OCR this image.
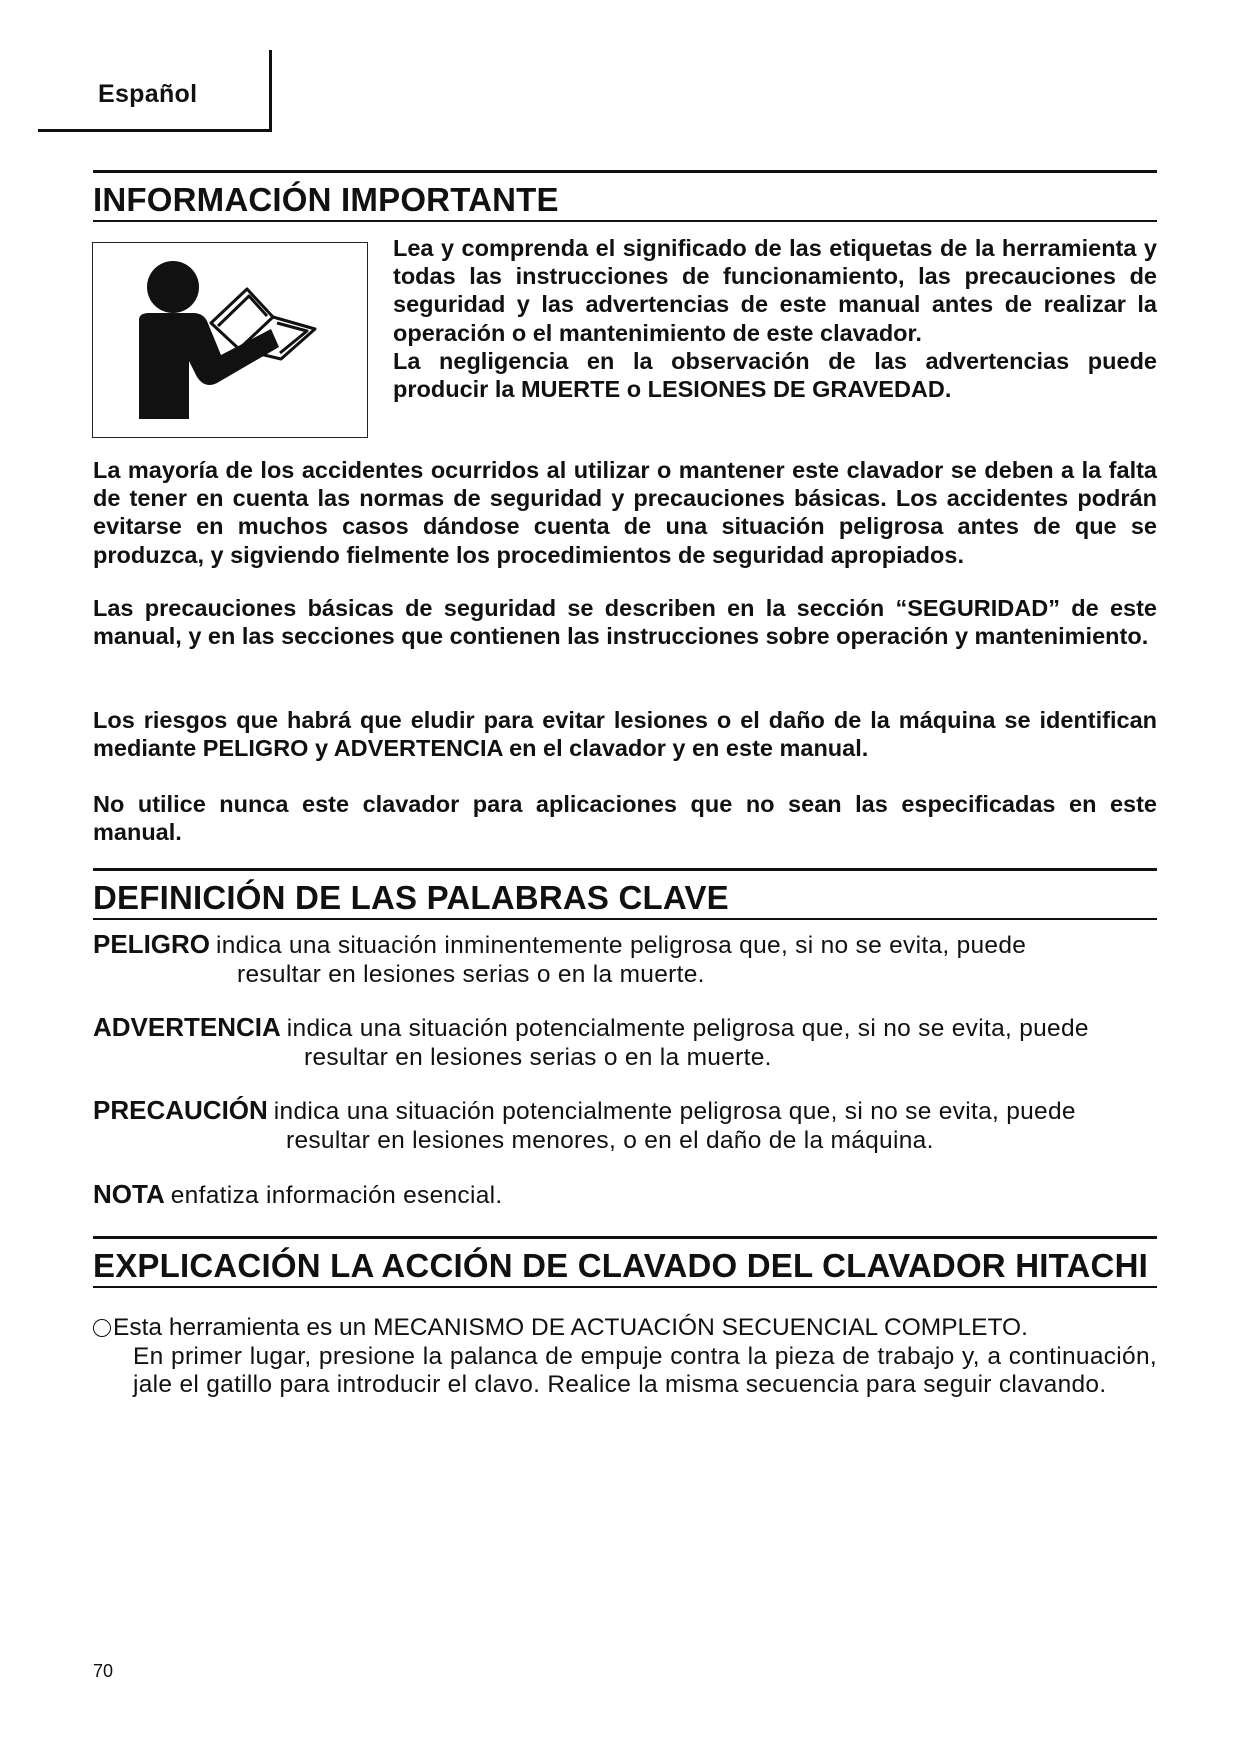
Español
INFORMACIÓN IMPORTANTE

Lea y comprenda el significado de las etiquetas de la herramienta y todas las instrucciones de funcionamiento, las precauciones de seguridad y las advertencias de este manual antes de realizar la operación o el mantenimiento de este clavador.

La negligencia en la observación de las advertencias puede producir la MUERTE o LESIONES DE GRAVEDAD.

La mayoría de los accidentes ocurridos al utilizar o mantener este clavador se deben a la falta de tener en cuenta las normas de seguridad y precauciones básicas. Los accidentes podrán evitarse en muchos casos dándose cuenta de una situación peligrosa antes de que se produzca, y sigviendo fielmente los procedimientos de seguridad apropiados.

Las precauciones básicas de seguridad se describen en la sección “SEGURIDAD” de este manual, y en las secciones que contienen las instrucciones sobre operación y mantenimiento.

Los riesgos que habrá que eludir para evitar lesiones o el daño de la máquina se identifican mediante PELIGRO y ADVERTENCIA en el clavador y en este manual.

No utilice nunca este clavador para aplicaciones que no sean las especificadas en este manual.

DEFINICIÓN DE LAS PALABRAS CLAVE
PELIGRO indica una situación inminentemente peligrosa que, si no se evita, puede
resultar en lesiones serias o en la muerte.
ADVERTENCIA indica una situación potencialmente peligrosa que, si no se evita, puede
resultar en lesiones serias o en la muerte.
PRECAUCIÓN indica una situación potencialmente peligrosa que, si no se evita, puede
resultar en lesiones menores, o en el daño de la máquina.
NOTA enfatiza información esencial.
EXPLICACIÓN LA ACCIÓN DE CLAVADO DEL CLAVADOR HITACHI
Esta herramienta es un MECANISMO DE ACTUACIÓN SECUENCIAL COMPLETO.
En primer lugar, presione la palanca de empuje contra la pieza de trabajo y, a continuación, jale el gatillo para introducir el clavo. Realice la misma secuencia para seguir clavando.
70
